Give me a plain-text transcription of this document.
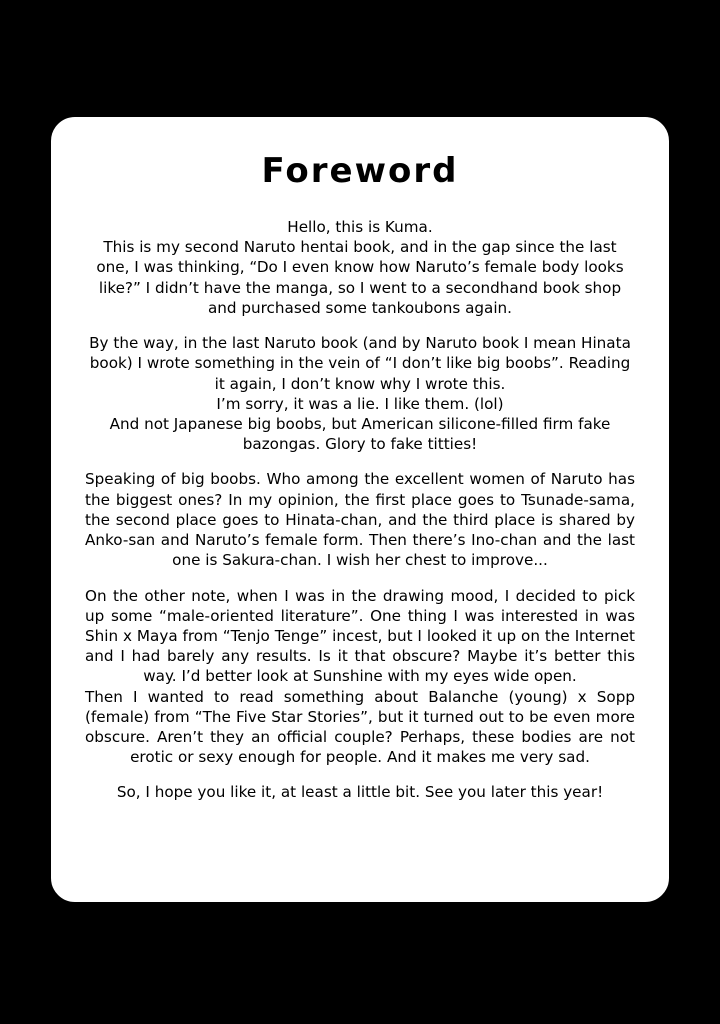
Foreword

Hello, this is Kuma.
This is my second Naruto hentai book, and in the gap since the last one, I was thinking, “Do I even know how Naruto’s female body looks like?” I didn’t have the manga, so I went to a secondhand book shop and purchased some tankoubons again.

By the way, in the last Naruto book (and by Naruto book I mean Hinata book) I wrote something in the vein of “I don’t like big boobs”. Reading it again, I don’t know why I wrote this.
I’m sorry, it was a lie. I like them. (lol)
And not Japanese big boobs, but American silicone-filled firm fake bazongas. Glory to fake titties!

Speaking of big boobs. Who among the excellent women of Naruto has the biggest ones? In my opinion, the first place goes to Tsunade-sama, the second place goes to Hinata-chan, and the third place is shared by Anko-san and Naruto’s female form. Then there’s Ino-chan and the last one is Sakura-chan. I wish her chest to improve...

On the other note, when I was in the drawing mood, I decided to pick up some “male-oriented literature”. One thing I was interested in was Shin x Maya from “Tenjo Tenge” incest, but I looked it up on the Internet and I had barely any results. Is it that obscure? Maybe it’s better this way. I’d better look at Sunshine with my eyes wide open.
Then I wanted to read something about Balanche (young) x Sopp (female) from “The Five Star Stories”, but it turned out to be even more obscure. Aren’t they an official couple? Perhaps, these bodies are not erotic or sexy enough for people. And it makes me very sad.

So, I hope you like it, at least a little bit. See you later this year!
